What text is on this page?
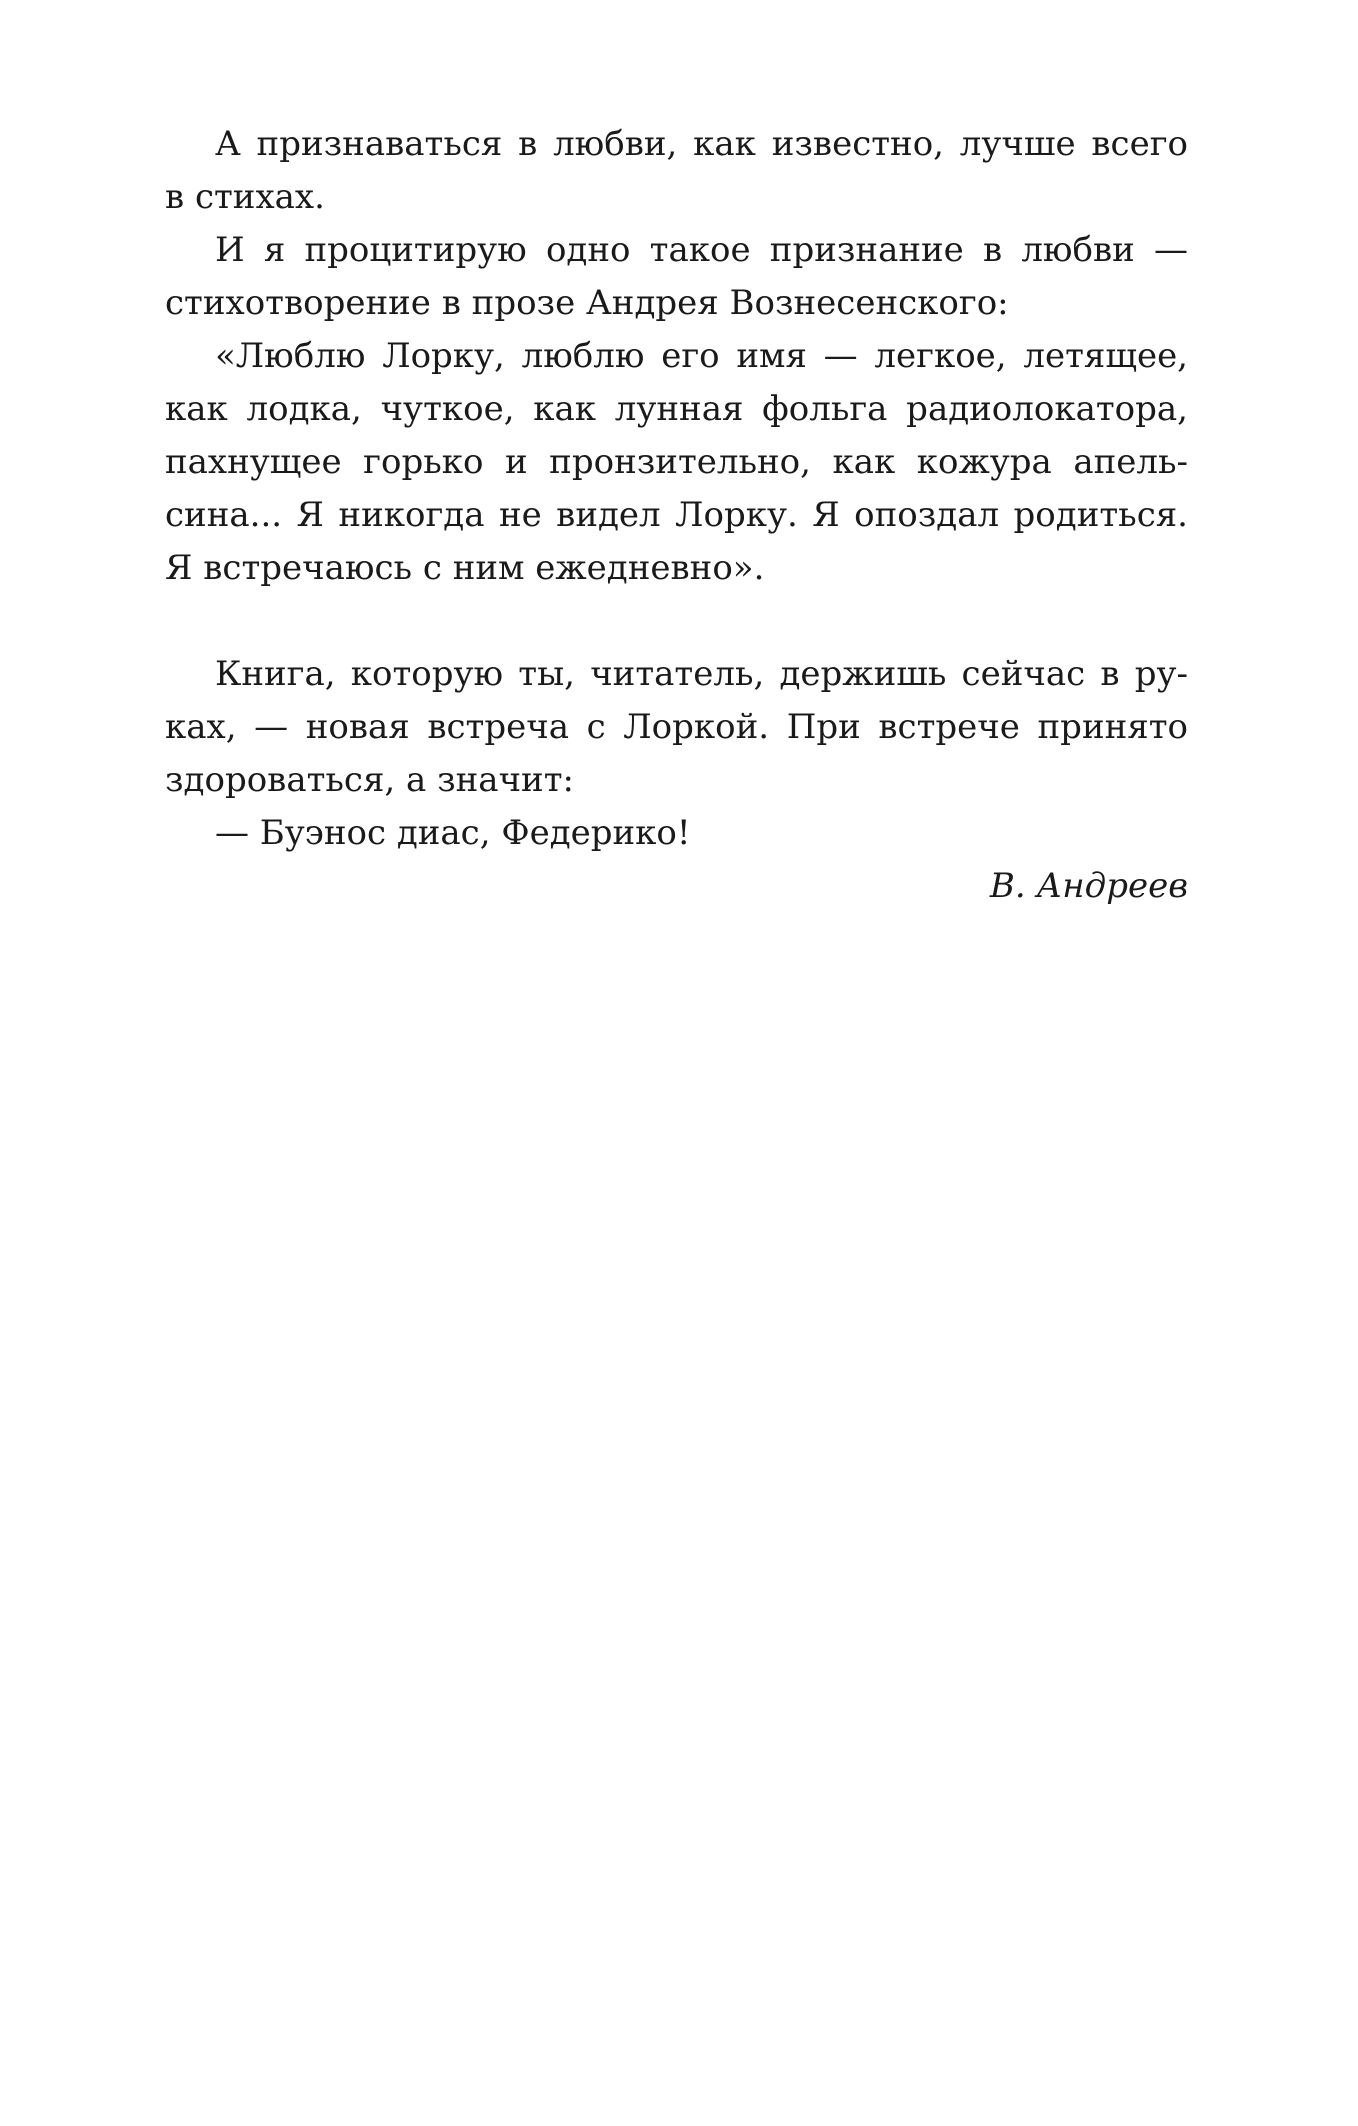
А признаваться в любви, как известно, лучше всего
в стихах.
И я процитирую одно такое признание в любви —
стихотворение в прозе Андрея Вознесенского:
«Люблю Лорку, люблю его имя — легкое, летящее,
как лодка, чуткое, как лунная фольга радиолокатора,
пахнущее горько и пронзительно, как кожура апель-
сина... Я никогда не видел Лорку. Я опоздал родиться.
Я встречаюсь с ним ежедневно».
Книга, которую ты, читатель, держишь сейчас в ру-
ках, — новая встреча с Лоркой. При встрече принято
здороваться, а значит:
— Буэнос диас, Федерико!
В. Андреев
